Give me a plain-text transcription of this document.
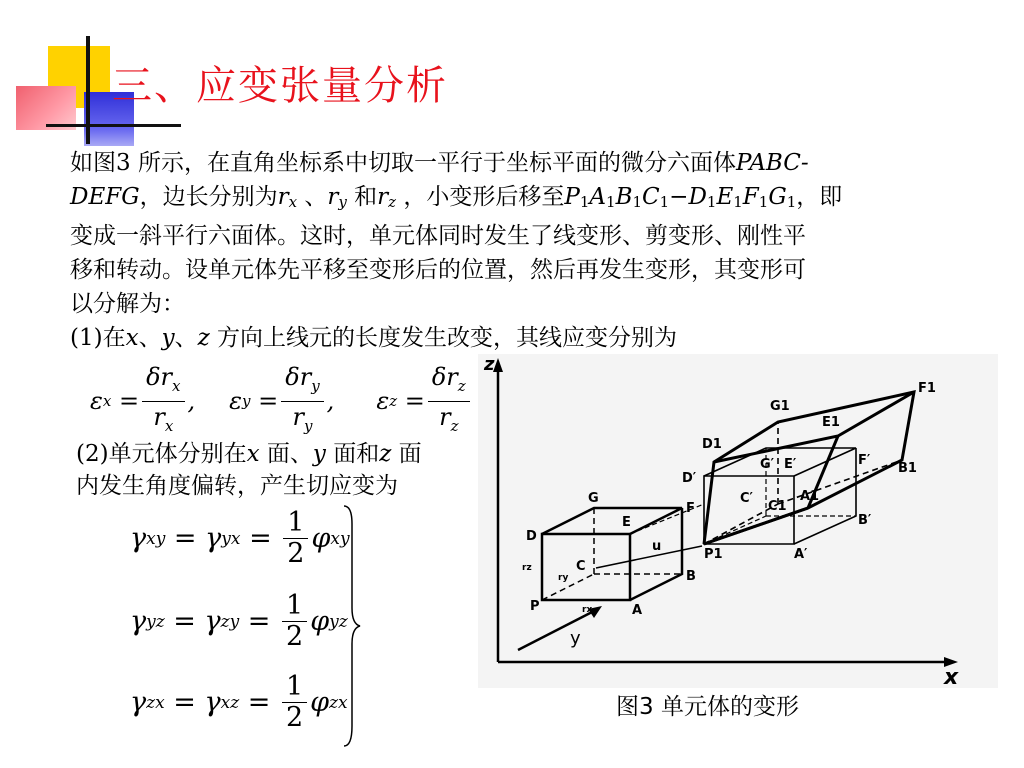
三、应变张量分析

如图3 所示，在直角坐标系中切取一平行于坐标平面的微分六面体PABC-

DEFG，边长分别为$r_x$ 、$r_y$ 和$r_z$ ，小变形后移至$P_1A_1B_1C_1-D_1E_1F_1G_1$，即

变成一斜平行六面体。这时，单元体同时发生了线变形、剪变形、刚性平

移和转动。设单元体先平移至变形后的位置，然后再发生变形，其变形可

以分解为：

(1)在x、y、z 方向上线元的长度发生改变，其线应变分别为

ε $x = \frac{\delta r_x}{r_x}$ , ε $y = \frac{\delta r_y}{r_y}$ , ε $z = \frac{\delta r_z}{r_z}$

(2)单元体分别在x 面、y 面和z 面

内发生角度偏转，产生切应变为

γ xy = γ yx = $\frac{1}{2}$ φ xy
γ yz = γ zy = $\frac{1}{2}$ φ yz
γ zx = γ xz = $\frac{1}{2}$ φ zx
z
y
x
P	A
B
C
D
E
F
G
rz
ry
rx
u
P1	A′
B′
C′
D′
E′	F′
G′
A1
B1
C1
D1
E1
F1
G1
图3 单元体的变形
